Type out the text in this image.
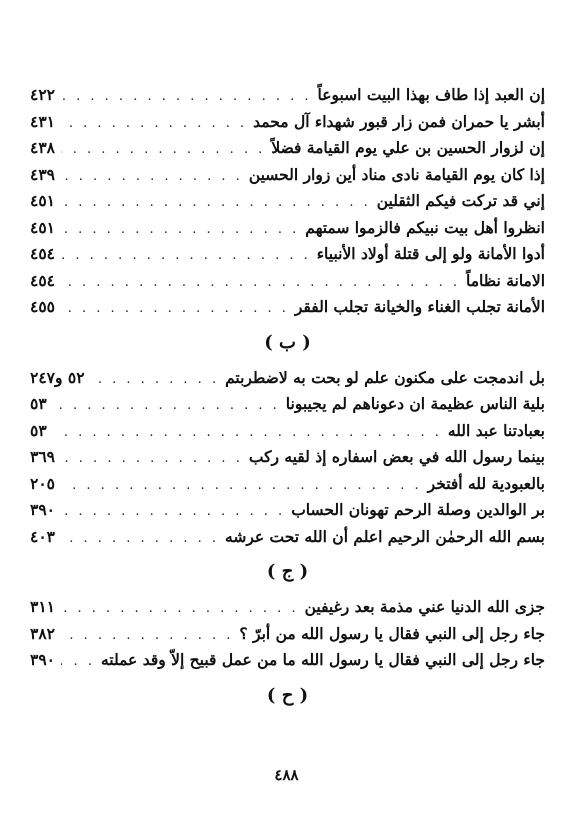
إن العبد إذا طاف بهذا البيت اسبوعاً
. . .
٤٢٢
أبشر يا حمران فمن زار قبور شهداء آل محمد
. . .
٤٣١
إن لزوار الحسين بن علي يوم القيامة فضلاً
. . .
٤٣٨
إذا كان يوم القيامة نادى مناد أين زوار الحسين
. . .
٤٣٩
إني قد تركت فيكم الثقلين
. . .
٤٥١
انظروا أهل بيت نبيكم فالزموا سمتهم
. . .
٤٥١
أدوا الأمانة ولو إلى قتلة أولاد الأنبياء
. . .
٤٥٤
الامانة نظاماً
. . .
٤٥٤
الأمانة تجلب الغناء والخيانة تجلب الفقر
. . .
٤٥٥
( ب )
بل اندمجت على مكنون علم لو بحت به لاضطربتم
. . .
٥٢ و٢٤٧
بلية الناس عظيمة ان دعوناهم لم يجيبونا
. . .
٥٣
بعبادتنا عبد الله
. . .
٥٣
بينما رسول الله في بعض اسفاره إذ لقيه ركب
. . .
٣٦٩
بالعبودية لله أفتخر
. . .
٢٠٥
بر الوالدين وصلة الرحم تهونان الحساب
. . .
٣٩٠
بسم الله الرحمٰن الرحيم اعلم أن الله تحت عرشه
. . .
٤٠٣
( ج )
جزى الله الدنيا عني مذمة بعد رغيفين
. . .
٣١١
جاء رجل إلى النبي فقال يا رسول الله من أبرّ ؟
. . .
٣٨٢
جاء رجل إلى النبي فقال يا رسول الله ما من عمل قبيح إلاّ وقد عملته
. . .
٣٩٠
( ح )
٤٨٨
